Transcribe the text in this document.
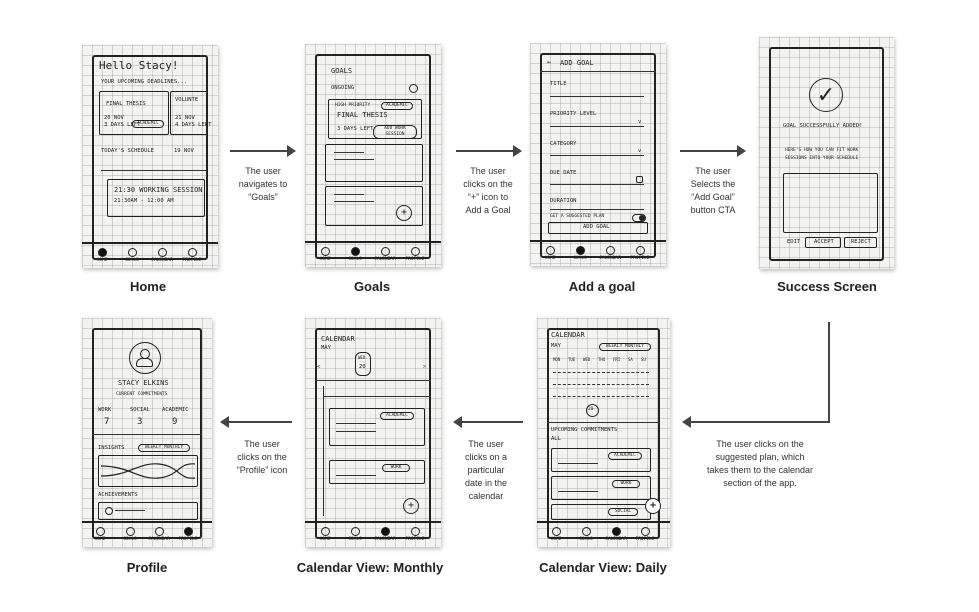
Hello Stacy!
YOUR UPCOMING DEADLINES...
FINAL THESIS
20 NOV
3 DAYS LEFT
ACADEMIC
VOLUNTE
21 NOV
4 DAYS LEFT
TODAY'S SCHEDULE	19 NOV
21:30 WORKING SESSION
21:30AM - 12:00 AM
HOME	GOALS	CALENDAR	PROFILE
Home
The user
navigates to
“Goals”
GOALS
ONGOING
HIGH PRIORITY	ACADEMIC
FINAL THESIS
3 DAYS LEFT	ADD WORK SESSION
+
HOME	GOALS	CALENDAR	PROFILE
Goals
The user
clicks on the
“+” icon to
Add a Goal
← ADD GOAL
TITLE
PRIORITY LEVEL
v
CATEGORY
v
DUE DATE
DURATION
GET A SUGGESTED PLAN
ADD GOAL
HOME	GOALS	CALENDAR	PROFILE
Add a goal
The user
Selects the
“Add Goal”
button CTA
✓
GOAL SUCCESSFULLY ADDED!
HERE'S HOW YOU CAN FIT WORK
SESSIONS INTO YOUR SCHEDULE
EDIT	ACCEPT	REJECT
Success Screen
The user clicks on the
suggested plan, which
takes them to the calendar
section of the app.
STACY ELKINS
CURRENT COMMITMENTS
WORK
7
SOCIAL
3
ACADEMIC
9
INSIGHTS	WEEKLY MONTHLY
ACHIEVEMENTS
HOME	GOALS	CALENDAR	PROFILE
Profile
The user
clicks on the
“Profile” icon
CALENDAR
MAY
<	>
WED
20
ACADEMIC
WORK
+
HOME	GOALS	CALENDAR	PROFILE
Calendar View: Monthly
The user
clicks on a
particular
date in the
calendar
CALENDAR
MAY	WEEKLY MONTHLY
MON TUE WED THU FRI SA SU
20
UPCOMING COMMITMENTS
ALL
ACADEMIC
WORK
SOCIAL
+
HOME	GOALS	CALENDAR	PROFILE
Calendar View: Daily
